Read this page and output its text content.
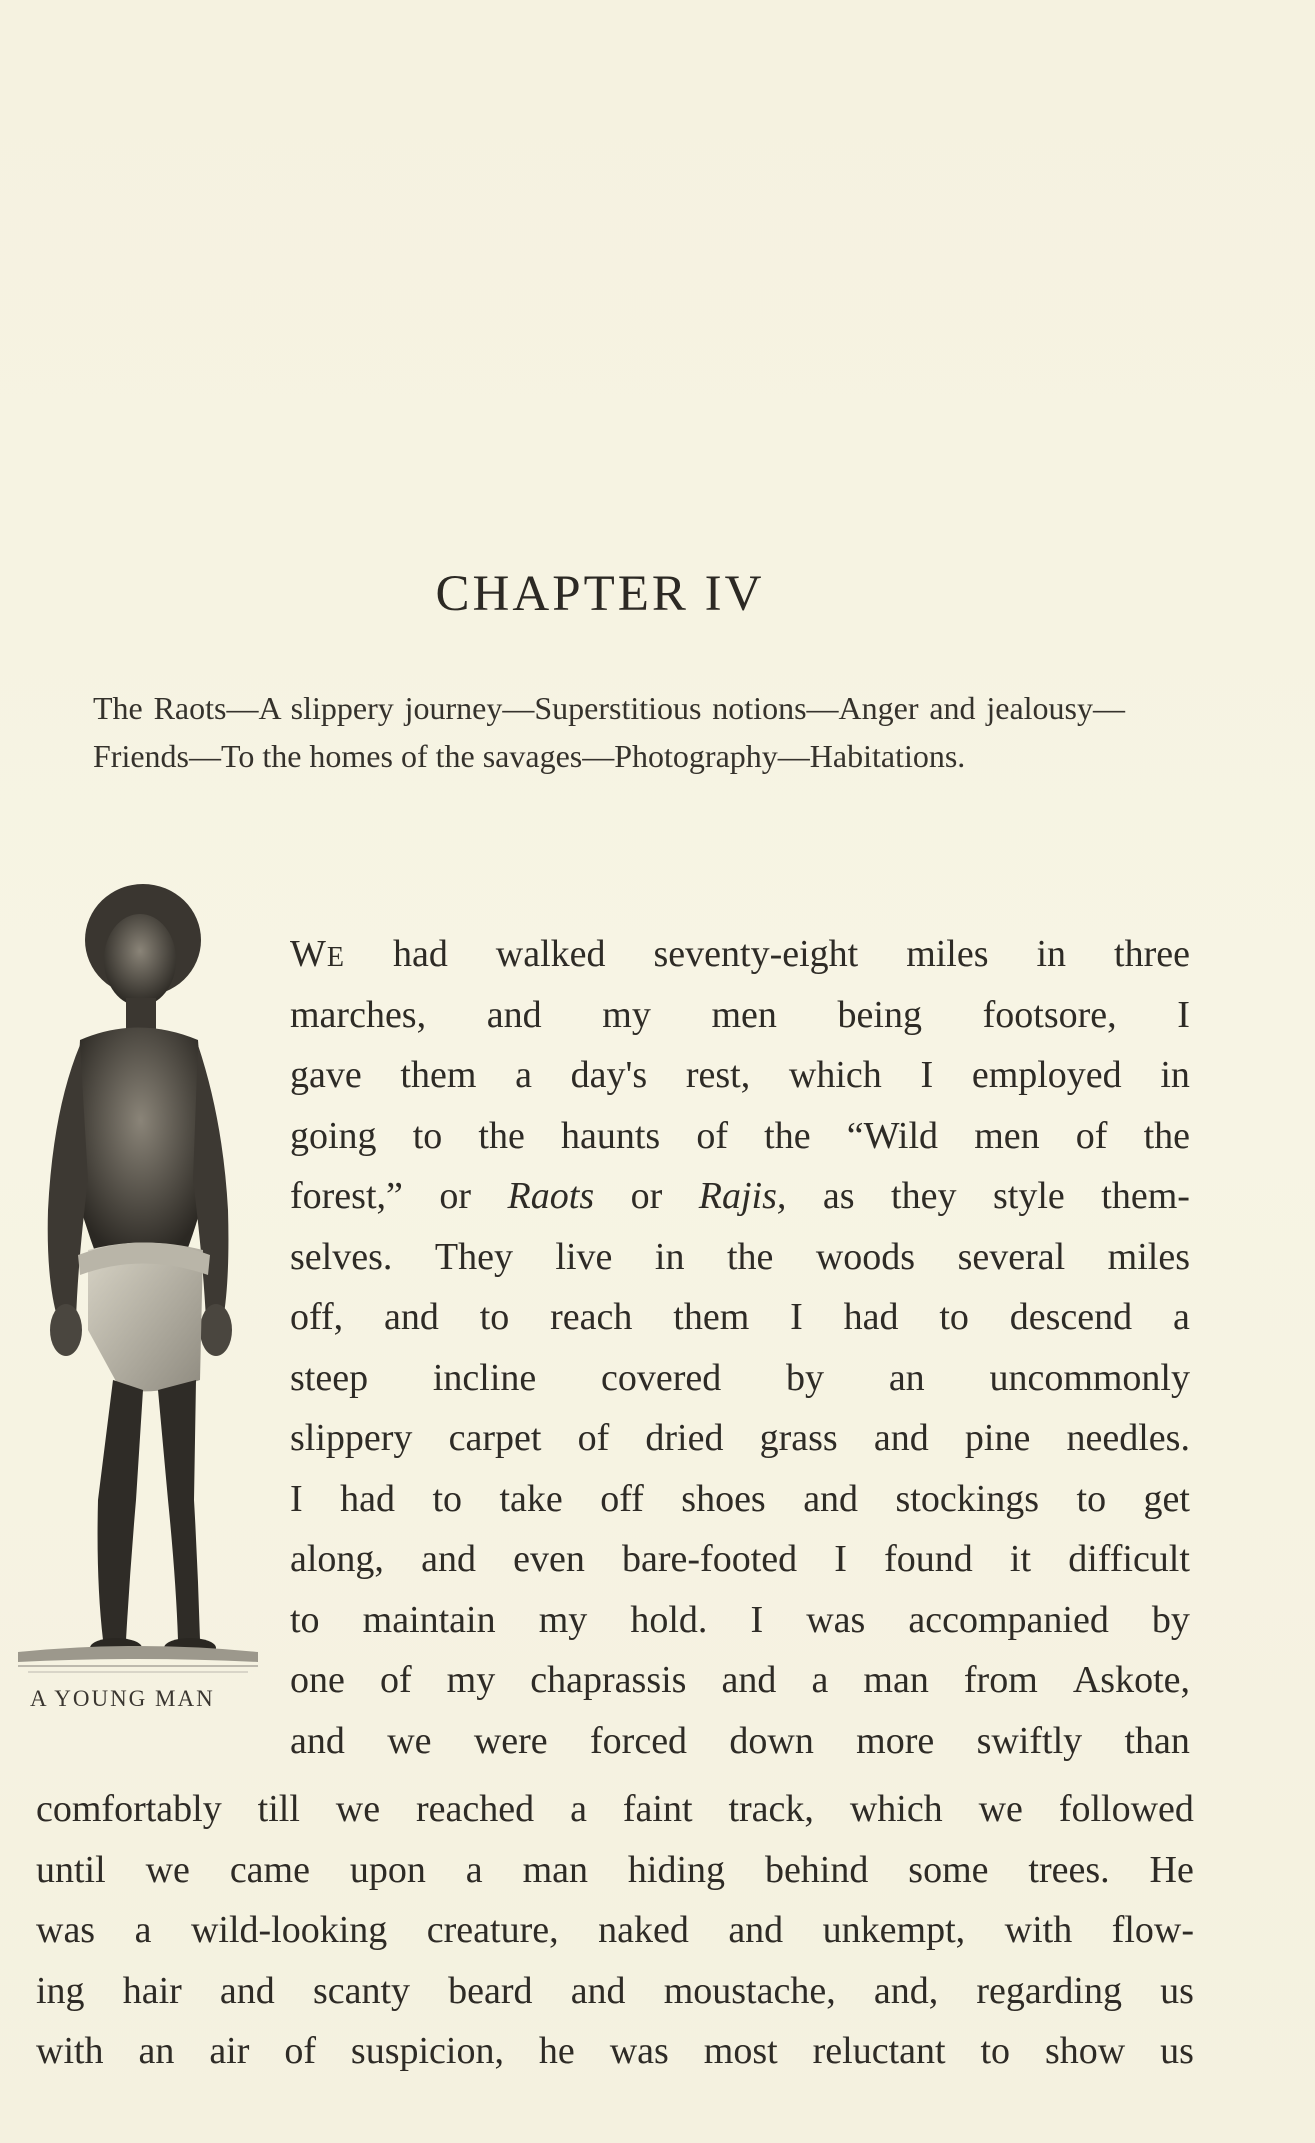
CHAPTER IV

The Raots—A slippery journey—Superstitious notions—Anger and jealousy—Friends—To the homes of the savages—Photography—Habitations.

A YOUNG MAN

WE had walked seventy-eight miles in three

marches, and my men being footsore, I

gave them a day's rest, which I employed in

going to the haunts of the “Wild men of the

forest,” or Raots or Rajis, as they style them-

selves. They live in the woods several miles

off, and to reach them I had to descend a

steep incline covered by an uncommonly

slippery carpet of dried grass and pine needles.

I had to take off shoes and stockings to get

along, and even bare-footed I found it difficult

to maintain my hold. I was accompanied by

one of my chaprassis and a man from Askote,

and we were forced down more swiftly than

comfortably till we reached a faint track, which we followed

until we came upon a man hiding behind some trees. He

was a wild-looking creature, naked and unkempt, with flow-

ing hair and scanty beard and moustache, and, regarding us

with an air of suspicion, he was most reluctant to show us
